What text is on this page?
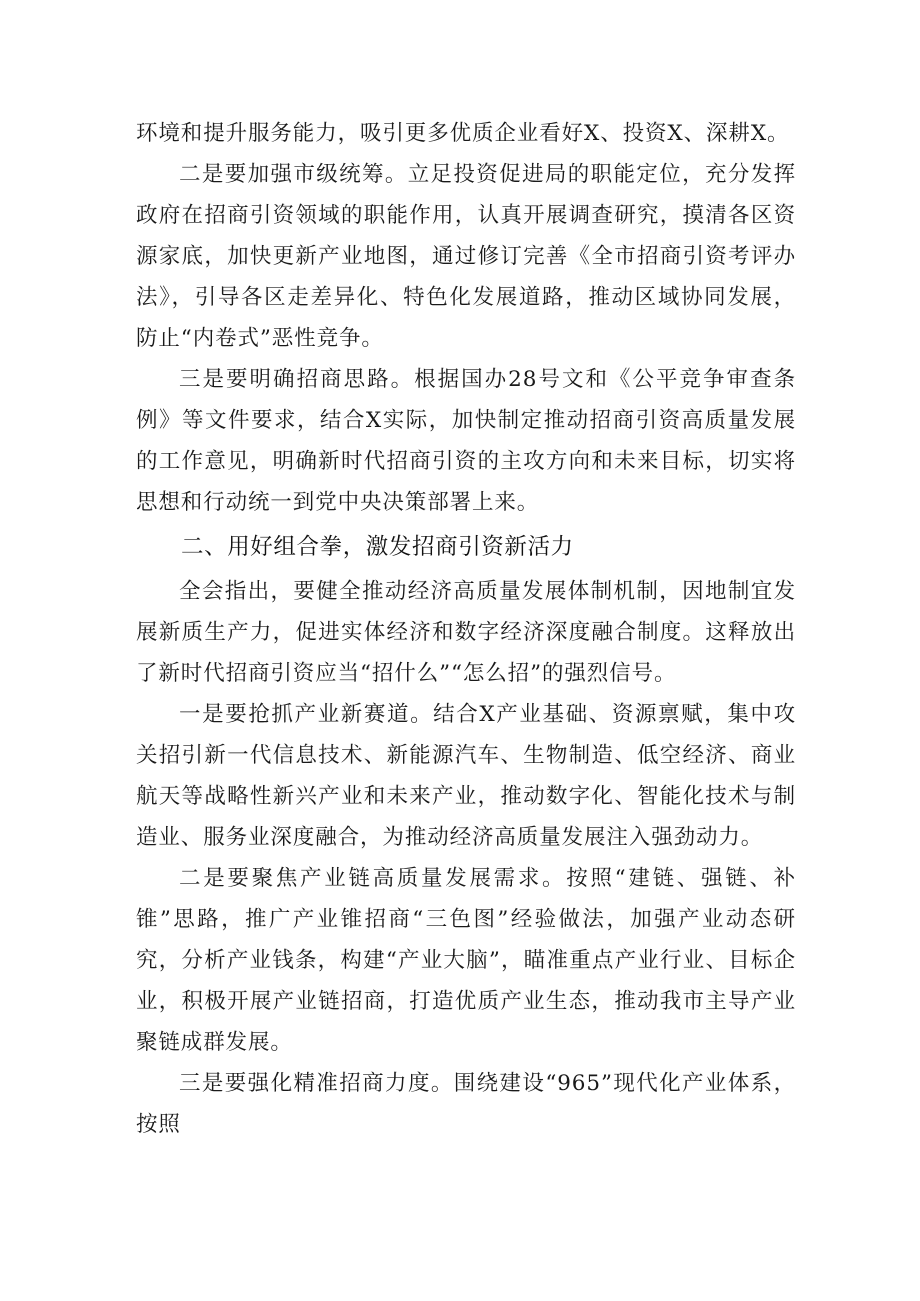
环境和提升服务能力，吸引更多优质企业看好X、投资X、深耕X。

二是要加强市级统筹。立足投资促进局的职能定位，充分发挥政府在招商引资领域的职能作用，认真开展调查研究，摸清各区资源家底，加快更新产业地图，通过修订完善《全市招商引资考评办法》，引导各区走差异化、特色化发展道路，推动区域协同发展，防止“内卷式”恶性竞争。

三是要明确招商思路。根据国办28号文和《公平竞争审查条例》等文件要求，结合X实际，加快制定推动招商引资高质量发展的工作意见，明确新时代招商引资的主攻方向和未来目标，切实将思想和行动统一到党中央决策部署上来。

二、用好组合拳，激发招商引资新活力

全会指出，要健全推动经济高质量发展体制机制，因地制宜发展新质生产力，促进实体经济和数字经济深度融合制度。这释放出了新时代招商引资应当“招什么”“怎么招”的强烈信号。

一是要抢抓产业新赛道。结合X产业基础、资源禀赋，集中攻关招引新一代信息技术、新能源汽车、生物制造、低空经济、商业航天等战略性新兴产业和未来产业，推动数字化、智能化技术与制造业、服务业深度融合，为推动经济高质量发展注入强劲动力。

二是要聚焦产业链高质量发展需求。按照“建链、强链、补锥”思路，推广产业锥招商“三色图”经验做法，加强产业动态研究，分析产业钱条，构建“产业大脑”，瞄准重点产业行业、目标企业，积极开展产业链招商，打造优质产业生态，推动我市主导产业聚链成群发展。

三是要强化精准招商力度。围绕建设“965”现代化产业体系，按照
